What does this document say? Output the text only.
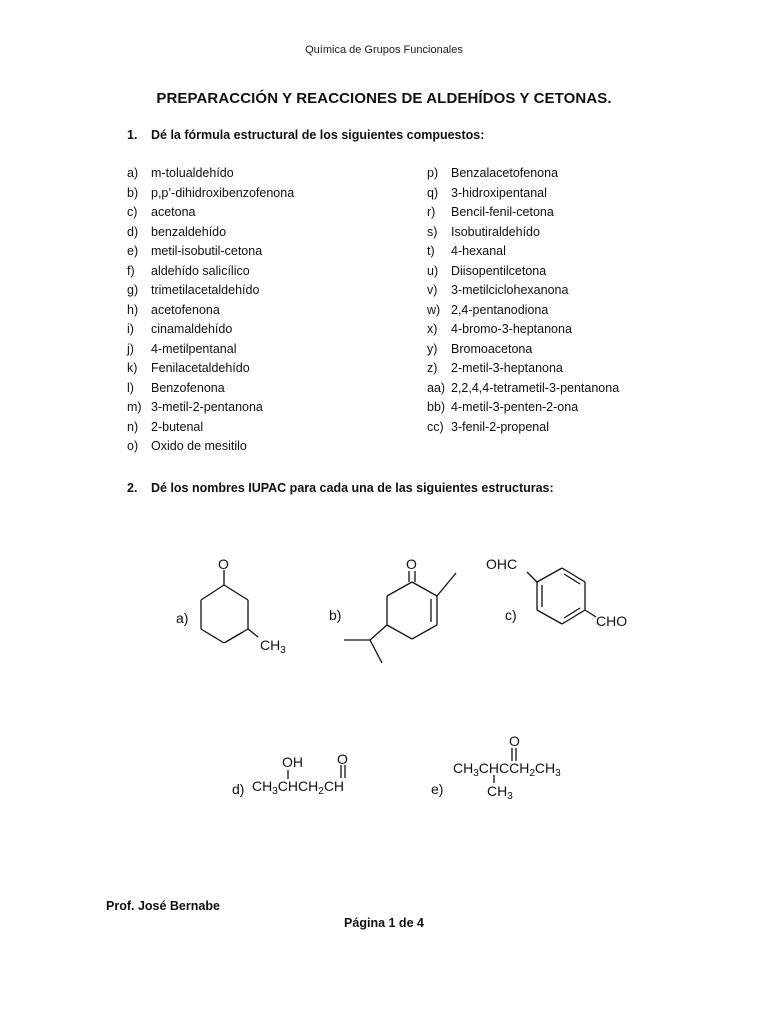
Química de Grupos Funcionales
PREPARACCIÓN Y REACCIONES DE ALDEHÍDOS Y CETONAS.
1. Dé la fórmula estructural de los siguientes compuestos:
a) m-tolualdehído
b) p,p’-dihidroxibenzofenona
c) acetona
d) benzaldehído
e) metil-isobutil-cetona
f) aldehído salicílico
g) trimetilacetaldehído
h) acetofenona
i) cinamaldehído
j) 4-metilpentanal
k) Fenilacetaldehído
l) Benzofenona
m) 3-metil-2-pentanona
n) 2-butenal
o) Oxido de mesitilo
p) Benzalacetofenona
q) 3-hidroxipentanal
r) Bencil-fenil-cetona
s) Isobutiraldehído
t) 4-hexanal
u) Diisopentilcetona
v) 3-metilciclohexanona
w) 2,4-pentanodiona
x) 4-bromo-3-heptanona
y) Bromoacetona
z) 2-metil-3-heptanona
aa) 2,2,4,4-tetrametil-3-pentanona
bb) 4-metil-3-penten-2-ona
cc) 3-fenil-2-propenal
2. Dé los nombres IUPAC para cada una de las siguientes estructuras:
a)
O
$CH_3$
b)
O
c)
OHC
CHO
OH O
d) $CH_3CHCH_2CH$
O
$CH_3CHCCH_2CH_3$
e)	$CH_3$
Prof. José Bernabe
Página 1 de 4
